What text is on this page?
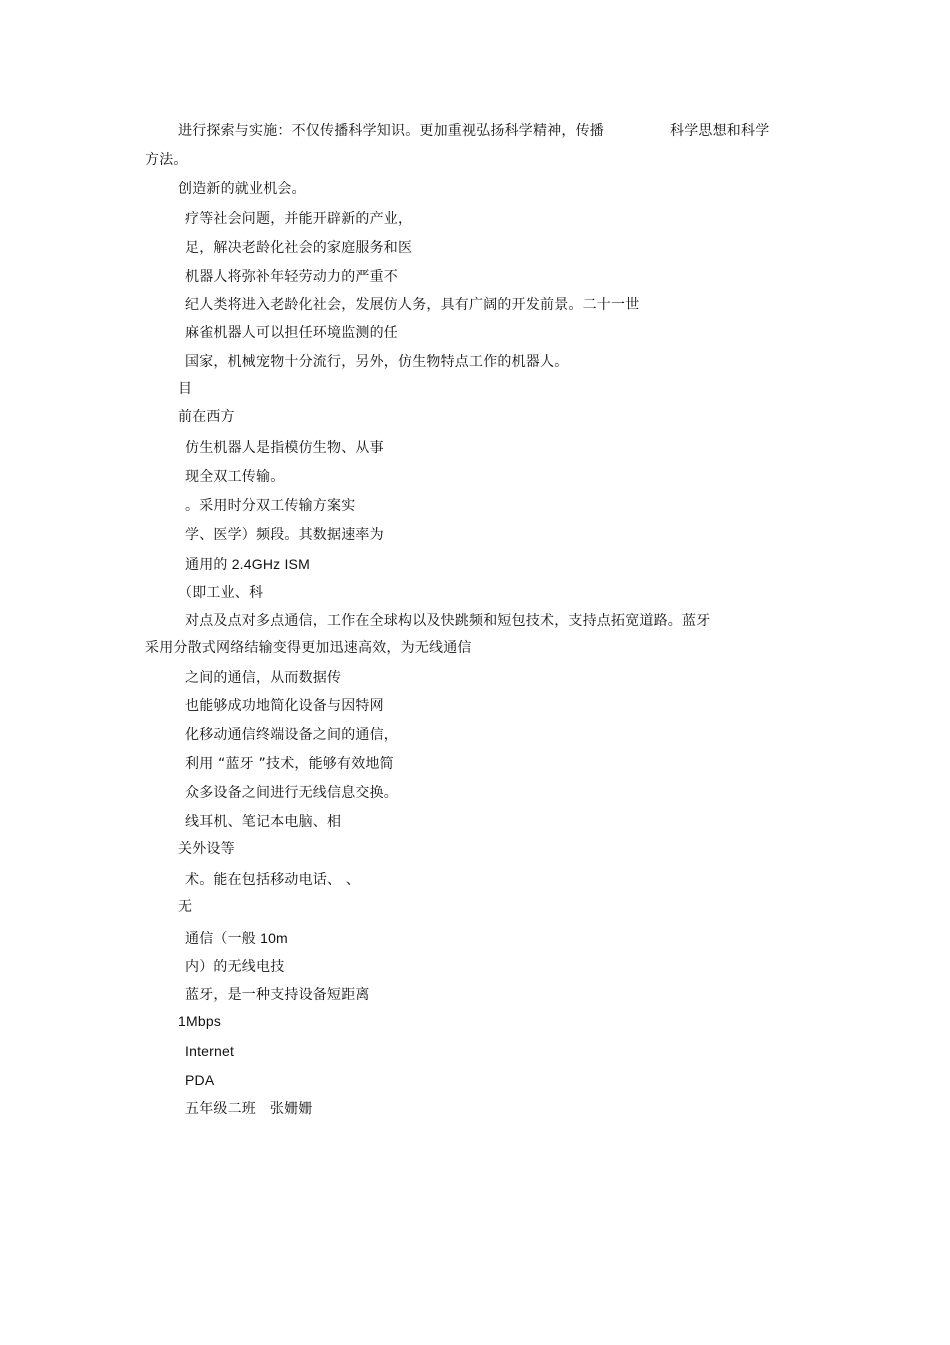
进行探索与实施：不仅传播科学知识。更加重视弘扬科学精神，传播	科学思想和科学
方法。
创造新的就业机会。
疗等社会问题，并能开辟新的产业，
足，解决老龄化社会的家庭服务和医
机器人将弥补年轻劳动力的严重不
纪人类将进入老龄化社会，发展仿人务，具有广阔的开发前景。二十一世
麻雀机器人可以担任环境监测的任
国家，机械宠物十分流行，另外，仿生物特点工作的机器人。
目
前在西方
仿生机器人是指模仿生物、从事
现全双工传输。
。采用时分双工传输方案实
学、医学）频段。其数据速率为
通用的 2.4GHz ISM
（即工业、科
对点及点对多点通信，工作在全球构以及快跳频和短包技术，支持点拓宽道路。蓝牙
采用分散式网络结输变得更加迅速高效，为无线通信
之间的通信，从而数据传
也能够成功地简化设备与因特网
化移动通信终端设备之间的通信，
利用 “蓝牙 ”技术，能够有效地简
众多设备之间进行无线信息交换。
线耳机、笔记本电脑、相
关外设等
术。能在包括移动电话、 、
无
通信（一般 10m
内）的无线电技
蓝牙，是一种支持设备短距离
1Mbps
Internet
PDA
五年级二班 张姗姗
